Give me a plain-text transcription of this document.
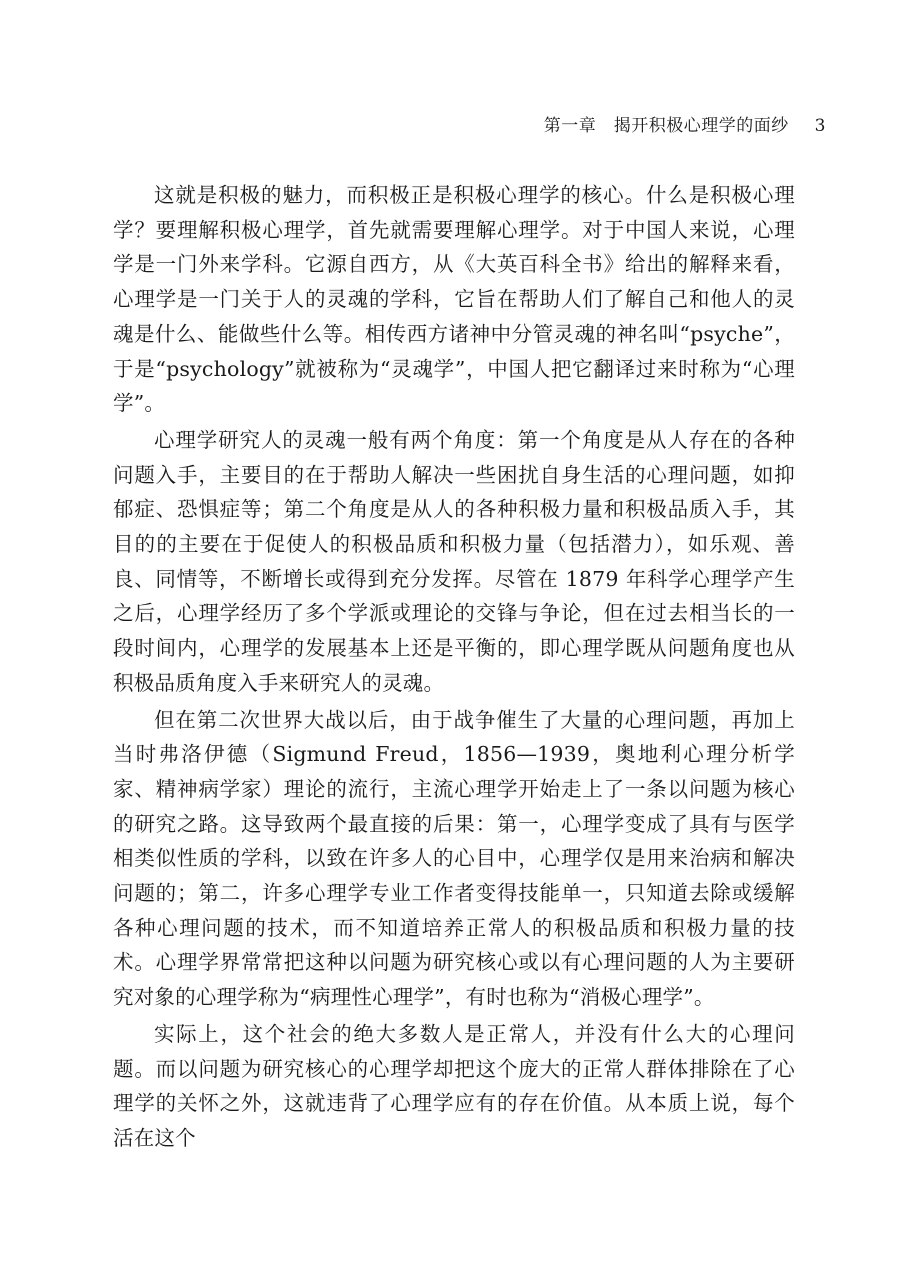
第一章　揭开积极心理学的面纱 3

这就是积极的魅力，而积极正是积极心理学的核心。什么是积极心理学？要理解积极心理学，首先就需要理解心理学。对于中国人来说，心理学是一门外来学科。它源自西方，从《大英百科全书》给出的解释来看，心理学是一门关于人的灵魂的学科，它旨在帮助人们了解自己和他人的灵魂是什么、能做些什么等。相传西方诸神中分管灵魂的神名叫“psyche”，于是“psychology”就被称为“灵魂学”，中国人把它翻译过来时称为“心理学”。

心理学研究人的灵魂一般有两个角度：第一个角度是从人存在的各种问题入手，主要目的在于帮助人解决一些困扰自身生活的心理问题，如抑郁症、恐惧症等；第二个角度是从人的各种积极力量和积极品质入手，其目的的主要在于促使人的积极品质和积极力量（包括潜力），如乐观、善良、同情等，不断增长或得到充分发挥。尽管在 1879 年科学心理学产生之后，心理学经历了多个学派或理论的交锋与争论，但在过去相当长的一段时间内，心理学的发展基本上还是平衡的，即心理学既从问题角度也从积极品质角度入手来研究人的灵魂。

但在第二次世界大战以后，由于战争催生了大量的心理问题，再加上当时弗洛伊德（Sigmund Freud，1856—1939，奥地利心理分析学家、精神病学家）理论的流行，主流心理学开始走上了一条以问题为核心的研究之路。这导致两个最直接的后果：第一，心理学变成了具有与医学相类似性质的学科，以致在许多人的心目中，心理学仅是用来治病和解决问题的；第二，许多心理学专业工作者变得技能单一，只知道去除或缓解各种心理问题的技术，而不知道培养正常人的积极品质和积极力量的技术。心理学界常常把这种以问题为研究核心或以有心理问题的人为主要研究对象的心理学称为“病理性心理学”，有时也称为“消极心理学”。

实际上，这个社会的绝大多数人是正常人，并没有什么大的心理问题。而以问题为研究核心的心理学却把这个庞大的正常人群体排除在了心理学的关怀之外，这就违背了心理学应有的存在价值。从本质上说，每个活在这个
